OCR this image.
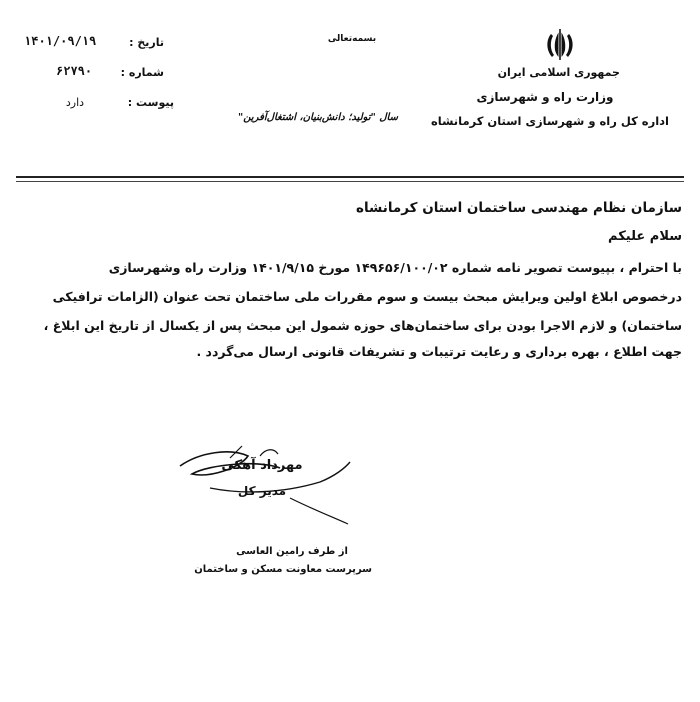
جمهوری اسلامی ایران
وزارت راه و شهرسازی
اداره کل راه و شهرسازی استان کرمانشاه
بسمه‌تعالی
سال "تولید؛ دانش‌بنیان، اشتغال‌آفرین"
تاریخ :
۱۴۰۱/۰۹/۱۹
شماره :
۶۲۷۹۰
پیوست :
دارد
سازمان نظام مهندسی ساختمان استان کرمانشاه
سلام علیکم
با احترام ، بپیوست تصویر نامه شماره ۱۴۹۶۵۶/۱۰۰/۰۲ مورخ ۱۴۰۱/۹/۱۵ وزارت راه وشهرسازی
درخصوص ابلاغ اولین ویرایش مبحث بیست و سوم مقررات ملی ساختمان تحت عنوان (الزامات ترافیکی
ساختمان) و لازم الاجرا بودن برای ساختمان‌های حوزه شمول این مبحث پس از یکسال از تاریخ این ابلاغ ،
جهت اطلاع ، بهره برداری و رعایت ترتیبات و تشریفات قانونی ارسال می‌گردد .
مهرداد آهکی
مدیر کل
از طرف رامین العاسی
سرپرست معاونت مسکن و ساختمان
